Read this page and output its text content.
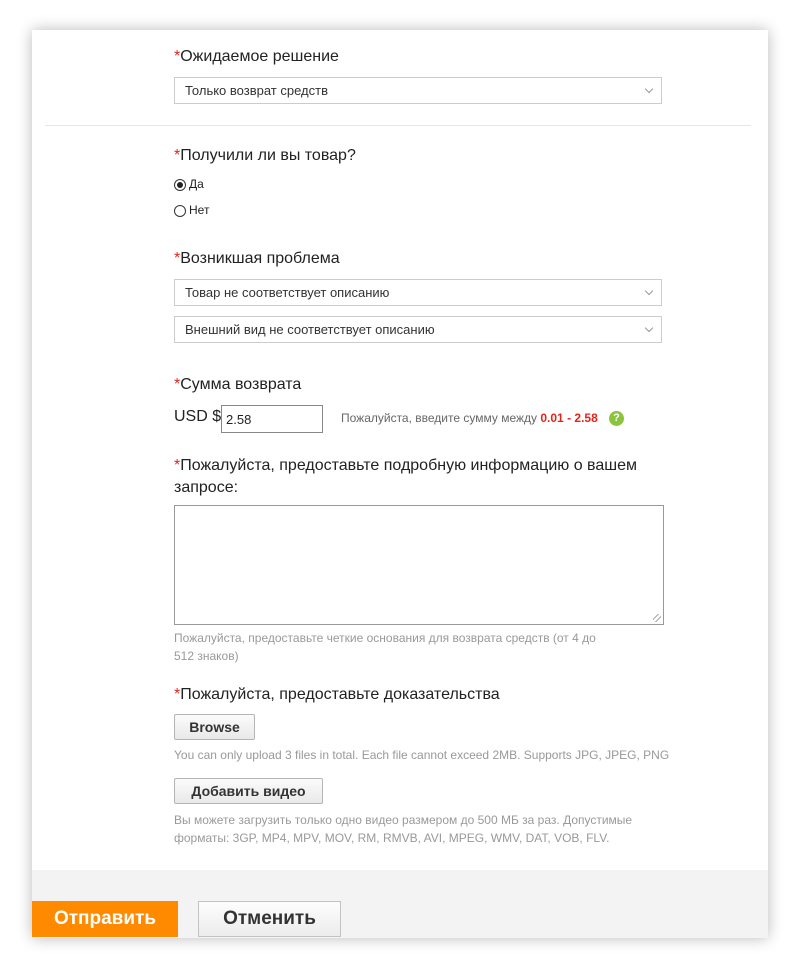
*Ожидаемое решение
Только возврат средств
*Получили ли вы товар?
Да
Нет
*Возникшая проблема
Товар не соответствует описанию
Внешний вид не соответствует описанию
*Сумма возврата
USD $
2.58	Пожалуйста, введите сумму между 0.01 - 2.58	?
*Пожалуйста, предоставьте подробную информацию о вашем
запросе:
Пожалуйста, предоставьте четкие основания для возврата средств (от 4 до
512 знаков)
*Пожалуйста, предоставьте доказательства
Browse
You can only upload 3 files in total. Each file cannot exceed 2MB. Supports JPG, JPEG, PNG
Добавить видео
Вы можете загрузить только одно видео размером до 500 МБ за раз. Допустимые
форматы: 3GP, MP4, MPV, MOV, RM, RMVB, AVI, MPEG, WMV, DAT, VOB, FLV.
Отправить	Отменить
